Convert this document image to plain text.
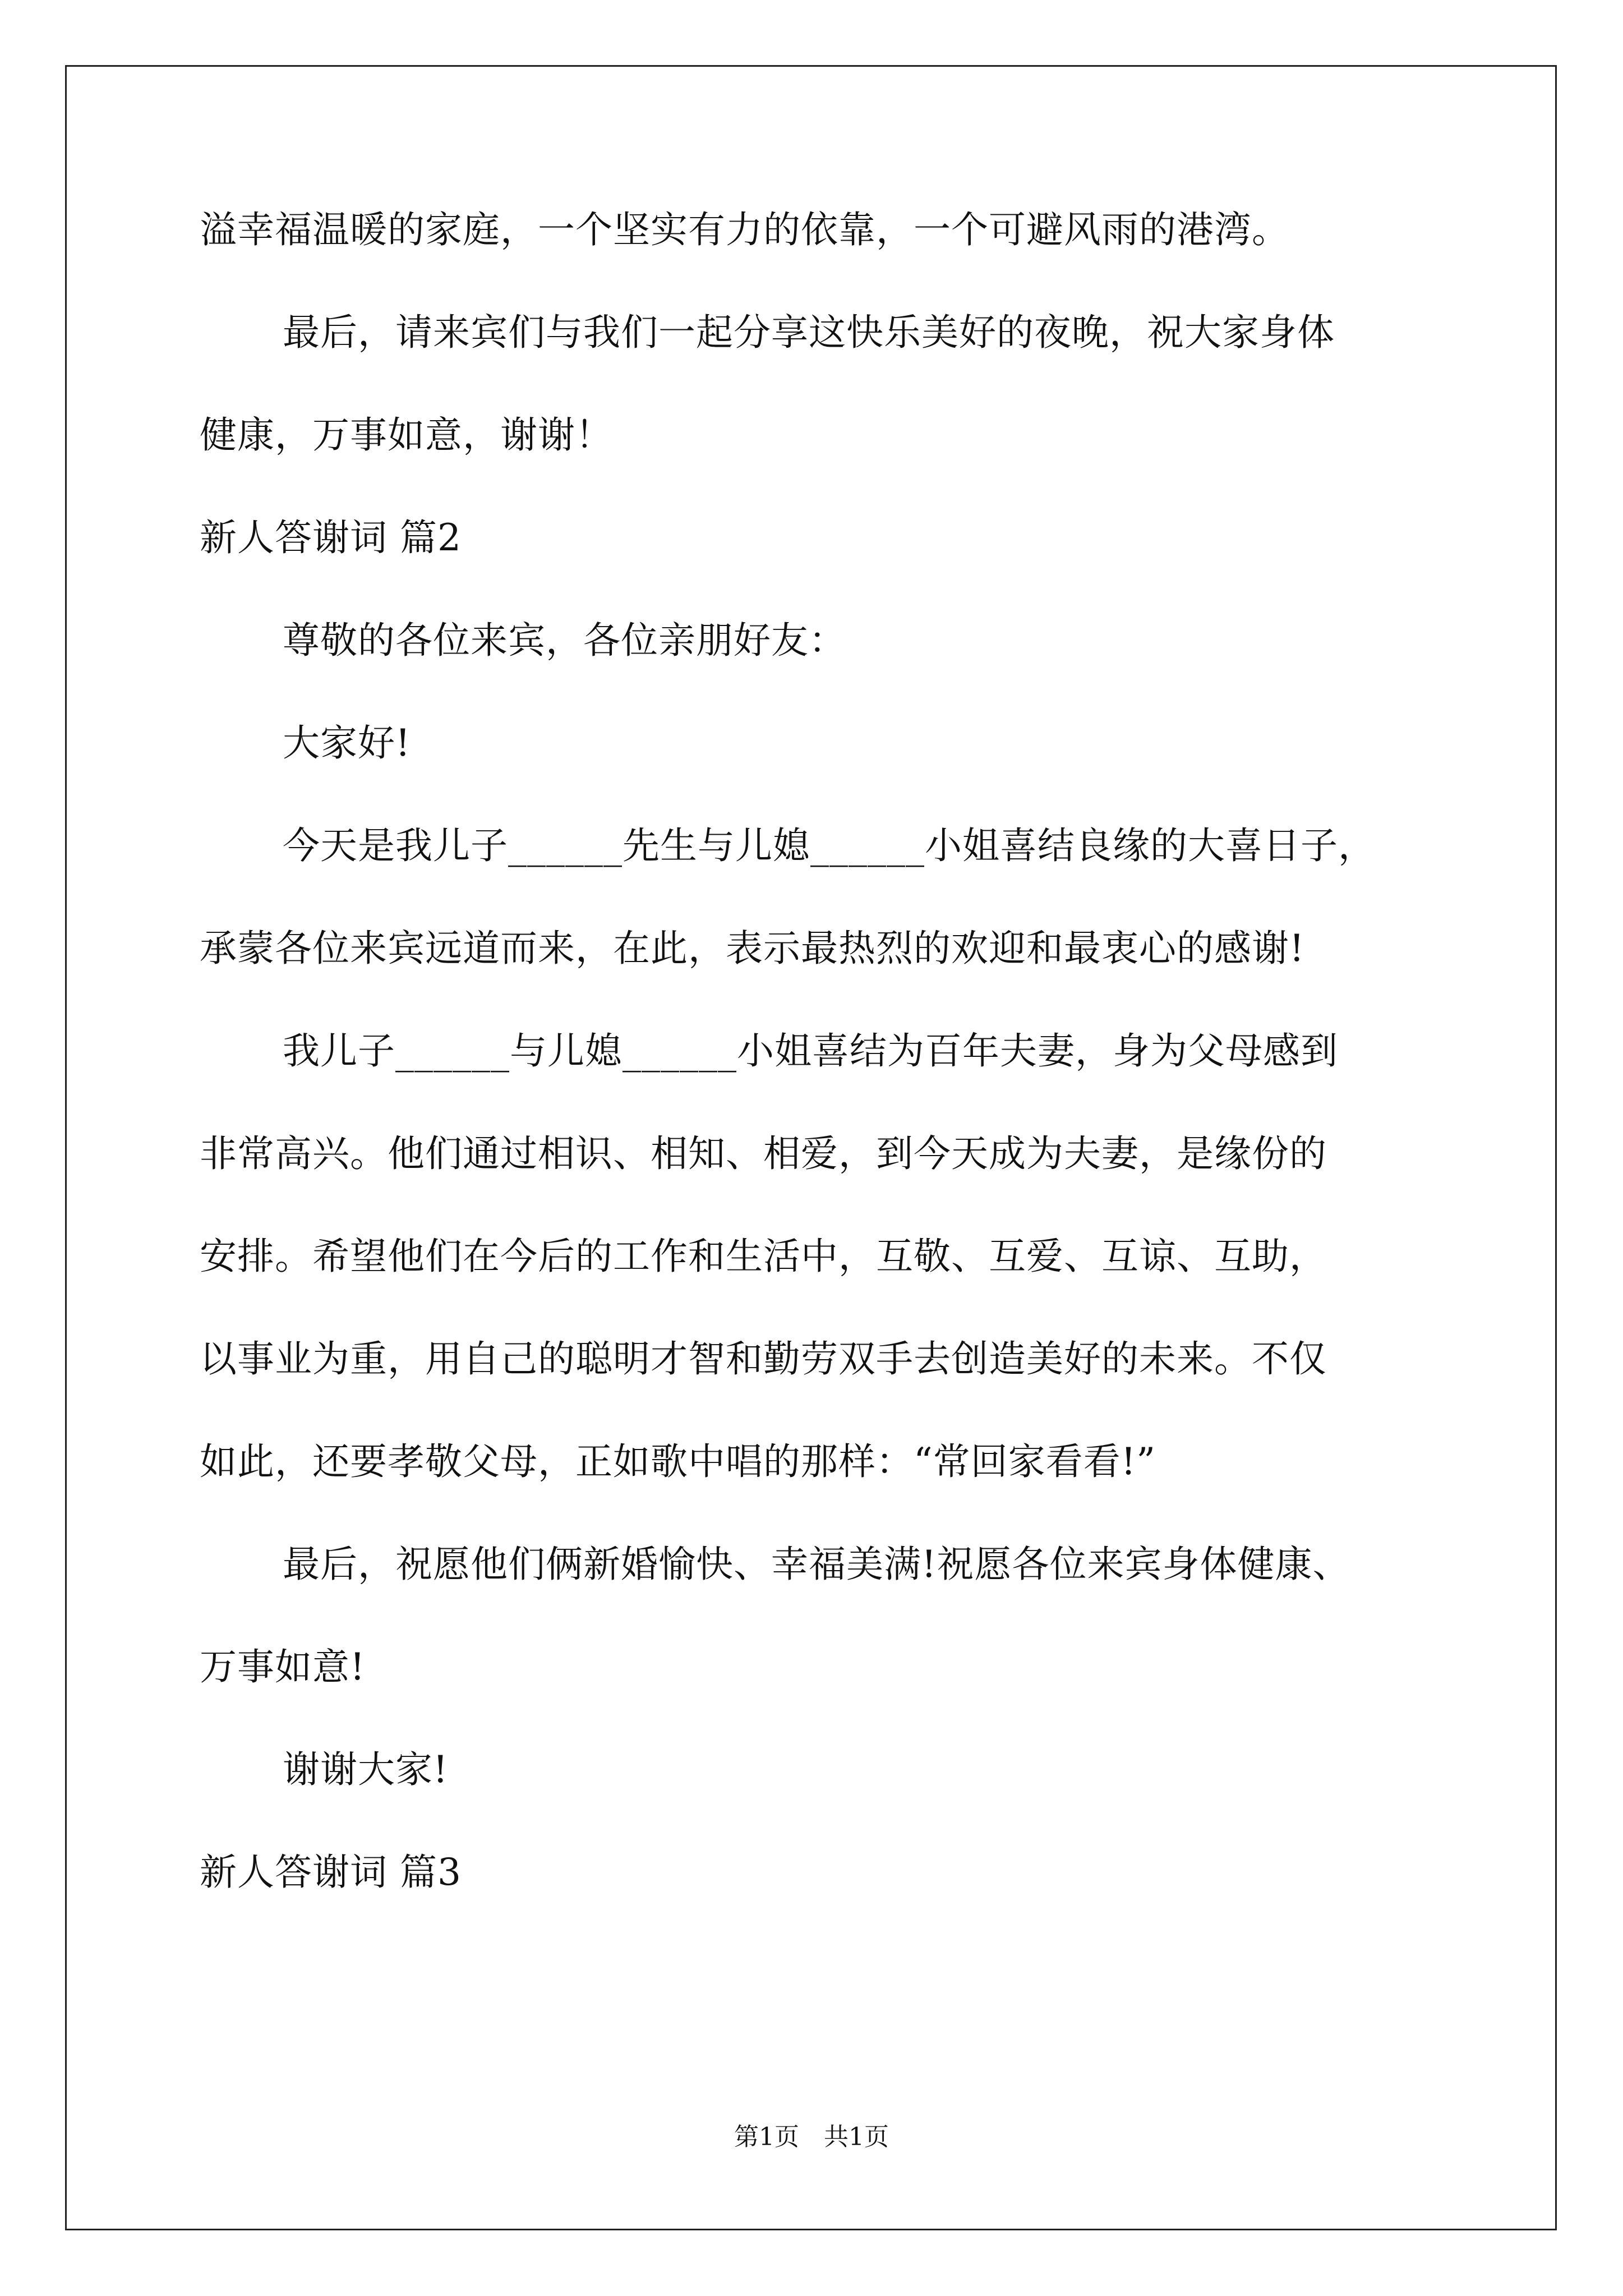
溢幸福温暖的家庭，一个坚实有力的依靠，一个可避风雨的港湾。
最后，请来宾们与我们一起分享这快乐美好的夜晚，祝大家身体
健康，万事如意，谢谢！
新人答谢词 篇2
尊敬的各位来宾，各位亲朋好友：
大家好!
今天是我儿子______先生与儿媳______小姐喜结良缘的大喜日子，
承蒙各位来宾远道而来，在此，表示最热烈的欢迎和最衷心的感谢!
我儿子______与儿媳______小姐喜结为百年夫妻，身为父母感到
非常高兴。他们通过相识、相知、相爱，到今天成为夫妻，是缘份的
安排。希望他们在今后的工作和生活中，互敬、互爱、互谅、互助，
以事业为重，用自己的聪明才智和勤劳双手去创造美好的未来。不仅
如此，还要孝敬父母，正如歌中唱的那样：“常回家看看!”
最后，祝愿他们俩新婚愉快、幸福美满!祝愿各位来宾身体健康、
万事如意!
谢谢大家!
新人答谢词 篇3
第1页　共1页
